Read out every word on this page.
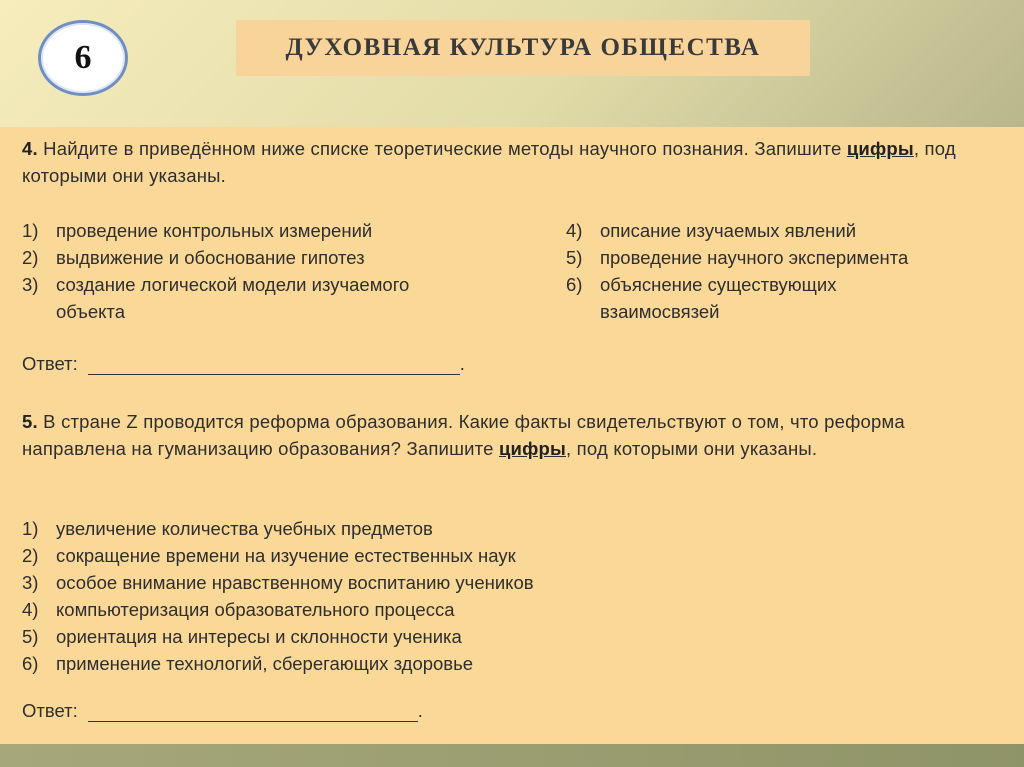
6	ДУХОВНАЯ КУЛЬТУРА ОБЩЕСТВА
4. Найдите в приведённом ниже списке теоретические методы научного познания. Запишите цифры, под которыми они указаны.
1) проведение контрольных измерений
2) выдвижение и обоснование гипотез
3) создание логической модели изучаемого
объекта
4) описание изучаемых явлений
5) проведение научного эксперимента
6) объяснение существующих
взаимосвязей
Ответ:	.
5. В стране Z проводится реформа образования. Какие факты свидетельствуют о том, что реформа направлена на гуманизацию образования? Запишите цифры, под которыми они указаны.
1) увеличение количества учебных предметов
2) сокращение времени на изучение естественных наук
3) особое внимание нравственному воспитанию учеников
4) компьютеризация образовательного процесса
5) ориентация на интересы и склонности ученика
6) применение технологий, сберегающих здоровье
Ответ:	.
